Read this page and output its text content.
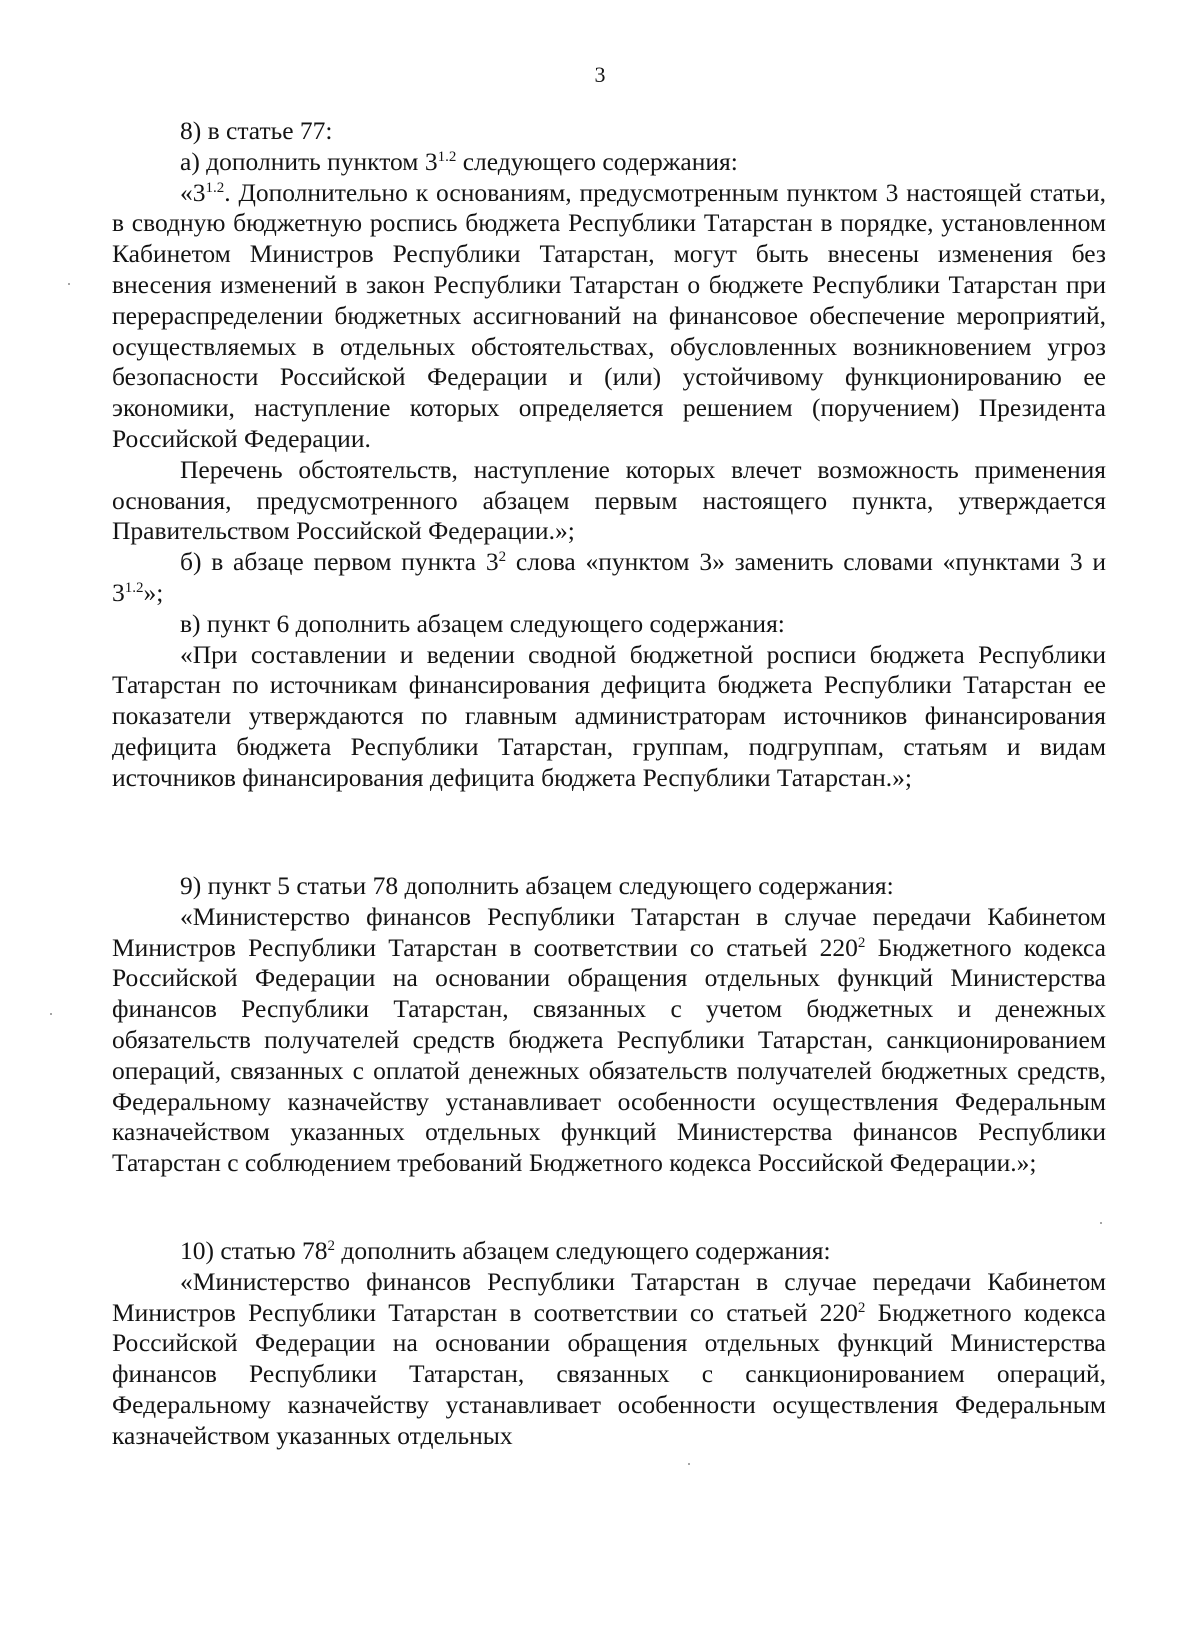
3

8) в статье 77:

а) дополнить пунктом $3^{1.2}$ следующего содержания:

«$3^{1.2}$. Дополнительно к основаниям, предусмотренным пунктом 3 настоящей статьи, в сводную бюджетную роспись бюджета Республики Татарстан в порядке, установленном Кабинетом Министров Республики Татарстан, могут быть внесены изменения без внесения изменений в закон Республики Татарстан о бюджете Республики Татарстан при перераспределении бюджетных ассигнований на финансовое обеспечение мероприятий, осуществляемых в отдельных обстоятельствах, обусловленных возникновением угроз безопасности Российской Федерации и (или) устойчивому функционированию ее экономики, наступление которых определяется решением (поручением) Президента Российской Федерации.

Перечень обстоятельств, наступление которых влечет возможность применения основания, предусмотренного абзацем первым настоящего пункта, утверждается Правительством Российской Федерации.»;

б) в абзаце первом пункта $3^2$ слова «пунктом 3» заменить словами «пунктами 3 и $3^{1.2}$»;

в) пункт 6 дополнить абзацем следующего содержания:

«При составлении и ведении сводной бюджетной росписи бюджета Республики Татарстан по источникам финансирования дефицита бюджета Республики Татарстан ее показатели утверждаются по главным администраторам источников финансирования дефицита бюджета Республики Татарстан, группам, подгруппам, статьям и видам источников финансирования дефицита бюджета Республики Татарстан.»;

9) пункт 5 статьи 78 дополнить абзацем следующего содержания:

«Министерство финансов Республики Татарстан в случае передачи Кабинетом Министров Республики Татарстан в соответствии со статьей $220^2$ Бюджетного кодекса Российской Федерации на основании обращения отдельных функций Министерства финансов Республики Татарстан, связанных с учетом бюджетных и денежных обязательств получателей средств бюджета Республики Татарстан, санкционированием операций, связанных с оплатой денежных обязательств получателей бюджетных средств, Федеральному казначейству устанавливает особенности осуществления Федеральным казначейством указанных отдельных функций Министерства финансов Республики Татарстан с соблюдением требований Бюджетного кодекса Российской Федерации.»;

10) статью $78^2$ дополнить абзацем следующего содержания:

«Министерство финансов Республики Татарстан в случае передачи Кабинетом Министров Республики Татарстан в соответствии со статьей $220^2$ Бюджетного кодекса Российской Федерации на основании обращения отдельных функций Министерства финансов Республики Татарстан, связанных с санкционированием операций, Федеральному казначейству устанавливает особенности осуществления Федеральным казначейством указанных отдельных
